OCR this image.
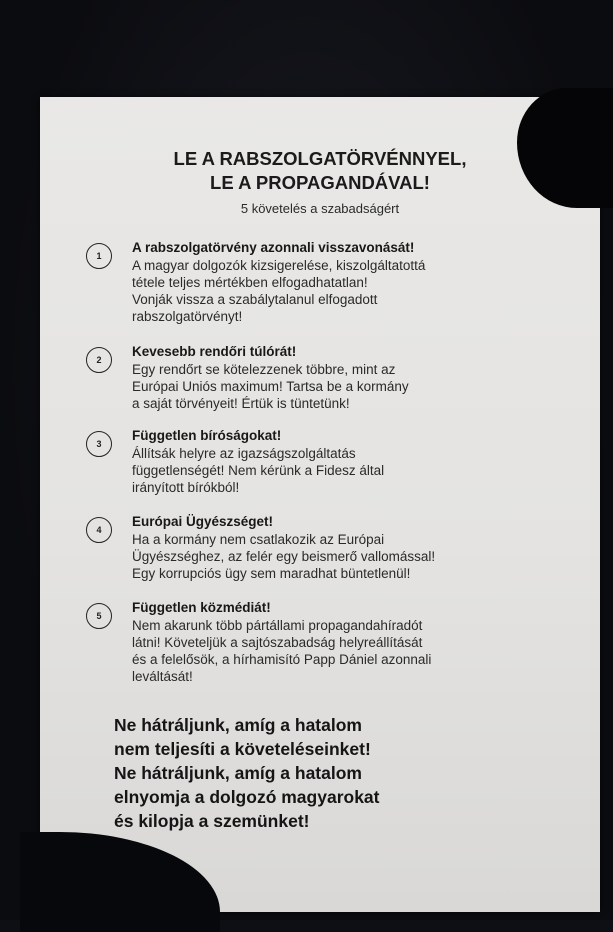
LE A RABSZOLGATÖRVÉNNYEL,
LE A PROPAGANDÁVAL!
5 követelés a szabadságért
1

A rabszolgatörvény azonnali visszavonását!

A magyar dolgozók kizsigerelése, kiszolgáltatottá

tétele teljes mértékben elfogadhatatlan!

Vonják vissza a szabálytalanul elfogadott

rabszolgatörvényt!

2

Kevesebb rendőri túlórát!

Egy rendőrt se kötelezzenek többre, mint az

Európai Uniós maximum! Tartsa be a kormány

a saját törvényeit! Értük is tüntetünk!

3

Független bíróságokat!

Állítsák helyre az igazságszolgáltatás

függetlenségét! Nem kérünk a Fidesz által

irányított bírókból!

4

Európai Ügyészséget!

Ha a kormány nem csatlakozik az Európai

Ügyészséghez, az felér egy beismerő vallomással!

Egy korrupciós ügy sem maradhat büntetlenül!

5

Független közmédiát!

Nem akarunk több pártállami propagandahíradót

látni! Követeljük a sajtószabadság helyreállítását

és a felelősök, a hírhamisító Papp Dániel azonnali

leváltását!

Ne hátráljunk, amíg a hatalom

nem teljesíti a követeléseinket!

Ne hátráljunk, amíg a hatalom

elnyomja a dolgozó magyarokat

és kilopja a szemünket!
